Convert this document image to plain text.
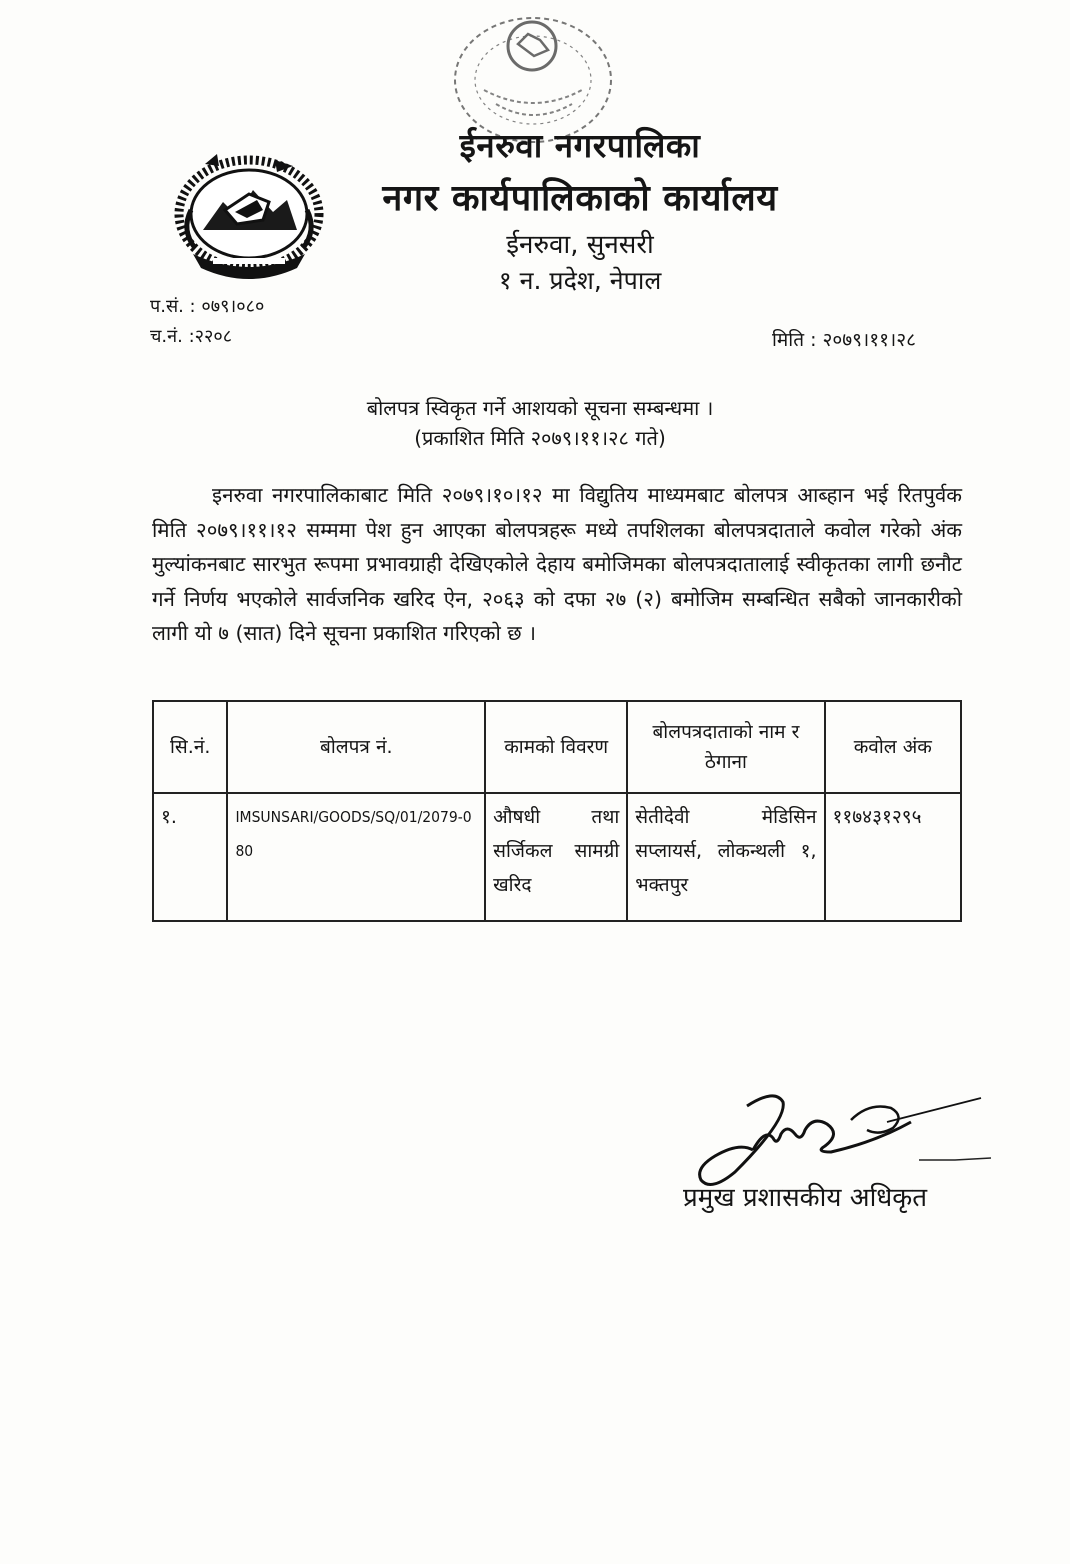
ईनरुवा नगरपालिका
नगर कार्यपालिकाको कार्यालय
ईनरुवा, सुनसरी
१ न. प्रदेश, नेपाल
प.सं. : ०७९।०८०
च.नं. :२२०८	मिति : २०७९।११।२८
बोलपत्र स्विकृत गर्ने आशयको सूचना सम्बन्धमा ।
(प्रकाशित मिति २०७९।११।२८ गते)
इनरुवा नगरपालिकाबाट मिति २०७९।१०।१२ मा विद्युतिय माध्यमबाट बोलपत्र आब्हान भई रितपुर्वक मिति २०७९।११।१२ सम्ममा पेश हुन आएका बोलपत्रहरू मध्ये तपशिलका बोलपत्रदाताले कवोल गरेको अंक मुल्यांकनबाट सारभुत रूपमा प्रभावग्राही देखिएकोले देहाय बमोजिमका बोलपत्रदातालाई स्वीकृतका लागी छनौट गर्ने निर्णय भएकोले सार्वजनिक खरिद ऐन, २०६३ को दफा २७ (२) बमोजिम सम्बन्धित सबैको जानकारीको लागी यो ७ (सात) दिने सूचना प्रकाशित गरिएको छ ।
सि.नं.	बोलपत्र नं.	कामको विवरण	बोलपत्रदाताको नाम र ठेगाना	कवोल अंक
१.	IMSUNSARI/GOODS/SQ/01/2079-080	औषधी तथा सर्जिकल सामग्री खरिद	सेतीदेवी मेडिसिन सप्लायर्स, लोकन्थली १, भक्तपुर	११७४३१२९५
प्रमुख प्रशासकीय अधिकृत
